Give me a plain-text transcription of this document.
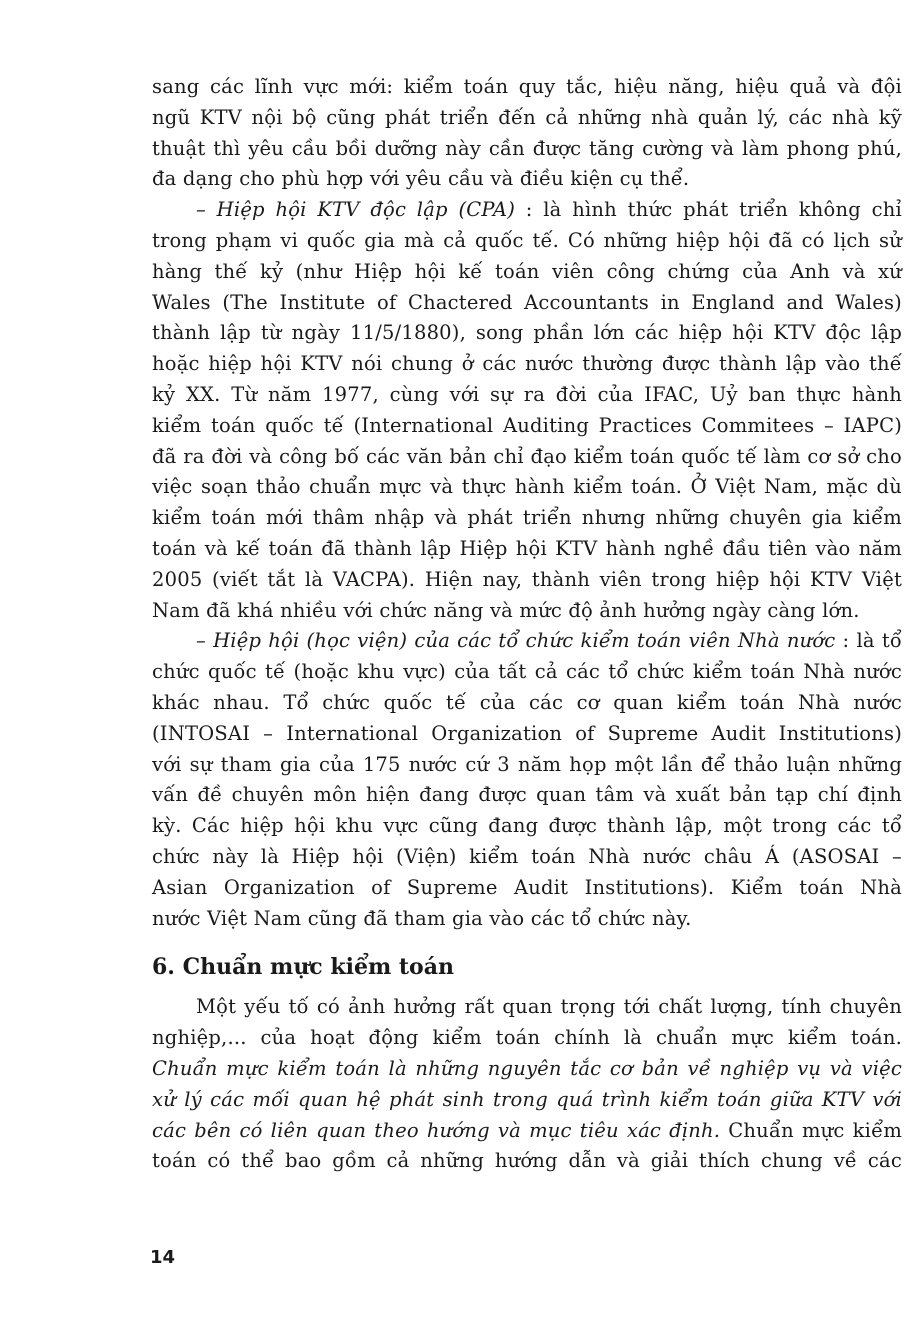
sang các lĩnh vực mới: kiểm toán quy tắc, hiệu năng, hiệu quả và đội
ngũ KTV nội bộ cũng phát triển đến cả những nhà quản lý, các nhà kỹ
thuật thì yêu cầu bồi dưỡng này cần được tăng cường và làm phong phú,
đa dạng cho phù hợp với yêu cầu và điều kiện cụ thể.
– Hiệp hội KTV độc lập (CPA) : là hình thức phát triển không chỉ
trong phạm vi quốc gia mà cả quốc tế. Có những hiệp hội đã có lịch sử
hàng thế kỷ (như Hiệp hội kế toán viên công chứng của Anh và xứ
Wales (The Institute of Chactered Accountants in England and Wales)
thành lập từ ngày 11/5/1880), song phần lớn các hiệp hội KTV độc lập
hoặc hiệp hội KTV nói chung ở các nước thường được thành lập vào thế
kỷ XX. Từ năm 1977, cùng với sự ra đời của IFAC, Uỷ ban thực hành
kiểm toán quốc tế (International Auditing Practices Commitees – IAPC)
đã ra đời và công bố các văn bản chỉ đạo kiểm toán quốc tế làm cơ sở cho
việc soạn thảo chuẩn mực và thực hành kiểm toán. Ở Việt Nam, mặc dù
kiểm toán mới thâm nhập và phát triển nhưng những chuyên gia kiểm
toán và kế toán đã thành lập Hiệp hội KTV hành nghề đầu tiên vào năm
2005 (viết tắt là VACPA). Hiện nay, thành viên trong hiệp hội KTV Việt
Nam đã khá nhiều với chức năng và mức độ ảnh hưởng ngày càng lớn.
– Hiệp hội (học viện) của các tổ chức kiểm toán viên Nhà nước : là tổ
chức quốc tế (hoặc khu vực) của tất cả các tổ chức kiểm toán Nhà nước
khác nhau. Tổ chức quốc tế của các cơ quan kiểm toán Nhà nước
(INTOSAI – International Organization of Supreme Audit Institutions)
với sự tham gia của 175 nước cứ 3 năm họp một lần để thảo luận những
vấn đề chuyên môn hiện đang được quan tâm và xuất bản tạp chí định
kỳ. Các hiệp hội khu vực cũng đang được thành lập, một trong các tổ
chức này là Hiệp hội (Viện) kiểm toán Nhà nước châu Á (ASOSAI –
Asian Organization of Supreme Audit Institutions). Kiểm toán Nhà
nước Việt Nam cũng đã tham gia vào các tổ chức này.
6. Chuẩn mực kiểm toán
Một yếu tố có ảnh hưởng rất quan trọng tới chất lượng, tính chuyên
nghiệp,... của hoạt động kiểm toán chính là chuẩn mực kiểm toán.
Chuẩn mực kiểm toán là những nguyên tắc cơ bản về nghiệp vụ và việc
xử lý các mối quan hệ phát sinh trong quá trình kiểm toán giữa KTV với
các bên có liên quan theo hướng và mục tiêu xác định. Chuẩn mực kiểm
toán có thể bao gồm cả những hướng dẫn và giải thích chung về các
14
